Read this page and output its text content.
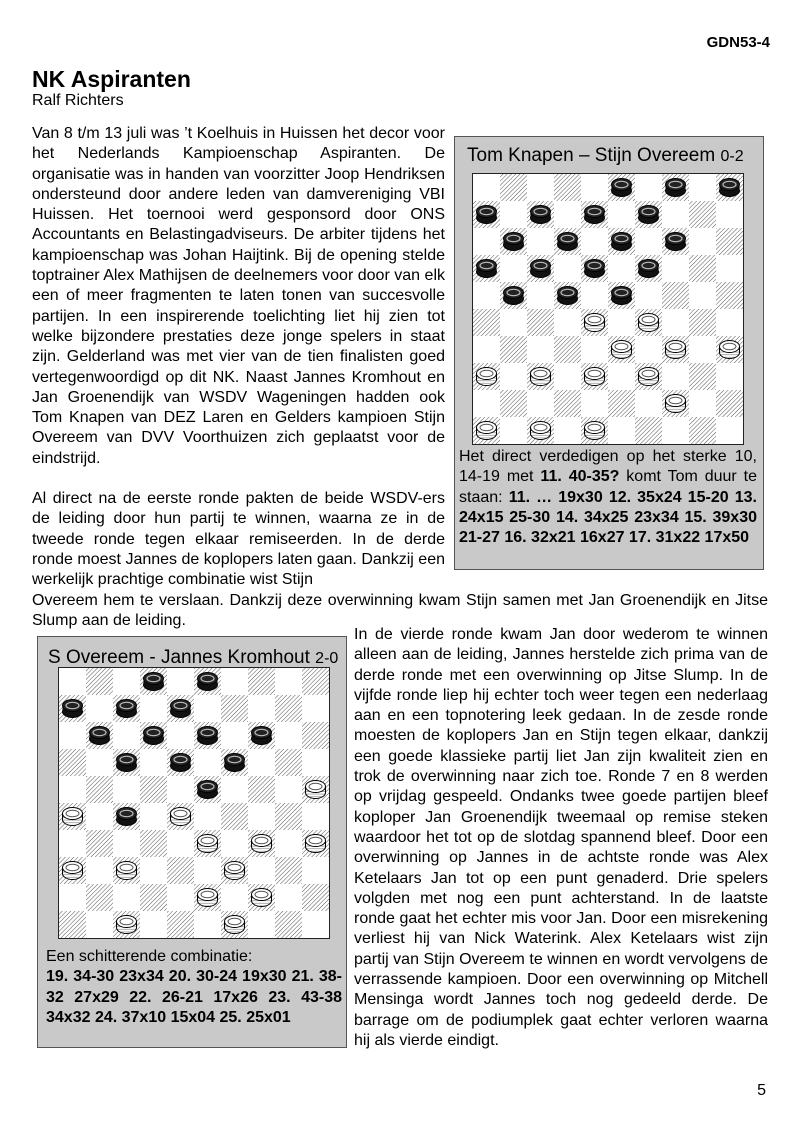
GDN53-4
NK Aspiranten
Ralf Richters
Van 8 t/m 13 juli was ’t Koelhuis in Huissen het decor voor het Nederlands Kampioenschap Aspiranten. De organisatie was in handen van voorzitter Joop Hendriksen ondersteund door andere leden van damvereniging VBI Huissen. Het toernooi werd gesponsord door ONS Accountants en Belastingadviseurs. De arbiter tijdens het kampioenschap was Johan Haijtink. Bij de opening stelde toptrainer Alex Mathijsen de deelnemers voor door van elk een of meer fragmenten te laten tonen van succesvolle partijen. In een inspirerende toelichting liet hij zien tot welke bijzondere prestaties deze jonge spelers in staat zijn. Gelderland was met vier van de tien finalisten goed vertegenwoordigd op dit NK. Naast Jannes Kromhout en Jan Groenendijk van WSDV Wageningen hadden ook Tom Knapen van DEZ Laren en Gelders kampioen Stijn Overeem van DVV Voorthuizen zich geplaatst voor de eindstrijd.
Al direct na de eerste ronde pakten de beide WSDV-ers de leiding door hun partij te winnen, waarna ze in de tweede ronde tegen elkaar remiseerden. In de derde ronde moest Jannes de koplopers laten gaan. Dankzij een werkelijk prachtige combinatie wist Stijn
Overeem hem te verslaan. Dankzij deze overwinning kwam Stijn samen met Jan Groenendijk en Jitse Slump aan de leiding.
In de vierde ronde kwam Jan door wederom te winnen alleen aan de leiding, Jannes herstelde zich prima van de derde ronde met een overwinning op Jitse Slump. In de vijfde ronde liep hij echter toch weer tegen een nederlaag aan en een topnotering leek gedaan. In de zesde ronde moesten de koplopers Jan en Stijn tegen elkaar, dankzij een goede klassieke partij liet Jan zijn kwaliteit zien en trok de overwinning naar zich toe. Ronde 7 en 8 werden op vrijdag gespeeld. Ondanks twee goede partijen bleef koploper Jan Groenendijk tweemaal op remise steken waardoor het tot op de slotdag spannend bleef. Door een overwinning op Jannes in de achtste ronde was Alex Ketelaars Jan tot op een punt genaderd. Drie spelers volgden met nog een punt achterstand. In de laatste ronde gaat het echter mis voor Jan. Door een misrekening verliest hij van Nick Waterink. Alex Ketelaars wist zijn partij van Stijn Overeem te winnen en wordt vervolgens de verrassende kampioen. Door een overwinning op Mitchell Mensinga wordt Jannes toch nog gedeeld derde. De barrage om de podiumplek gaat echter verloren waarna hij als vierde eindigt.
Tom Knapen – Stijn Overeem 0-2
Het direct verdedigen op het sterke 10, 14-19 met 11. 40-35? komt Tom duur te staan: 11. … 19x30 12. 35x24 15-20 13. 24x15 25-30 14. 34x25 23x34 15. 39x30 21-27 16. 32x21 16x27 17. 31x22 17x50
S Overeem - Jannes Kromhout 2-0
Een schitterende combinatie:
19. 34-30 23x34 20. 30-24 19x30 21. 38-32 27x29 22. 26-21 17x26 23. 43-38 34x32 24. 37x10 15x04 25. 25x01
5
